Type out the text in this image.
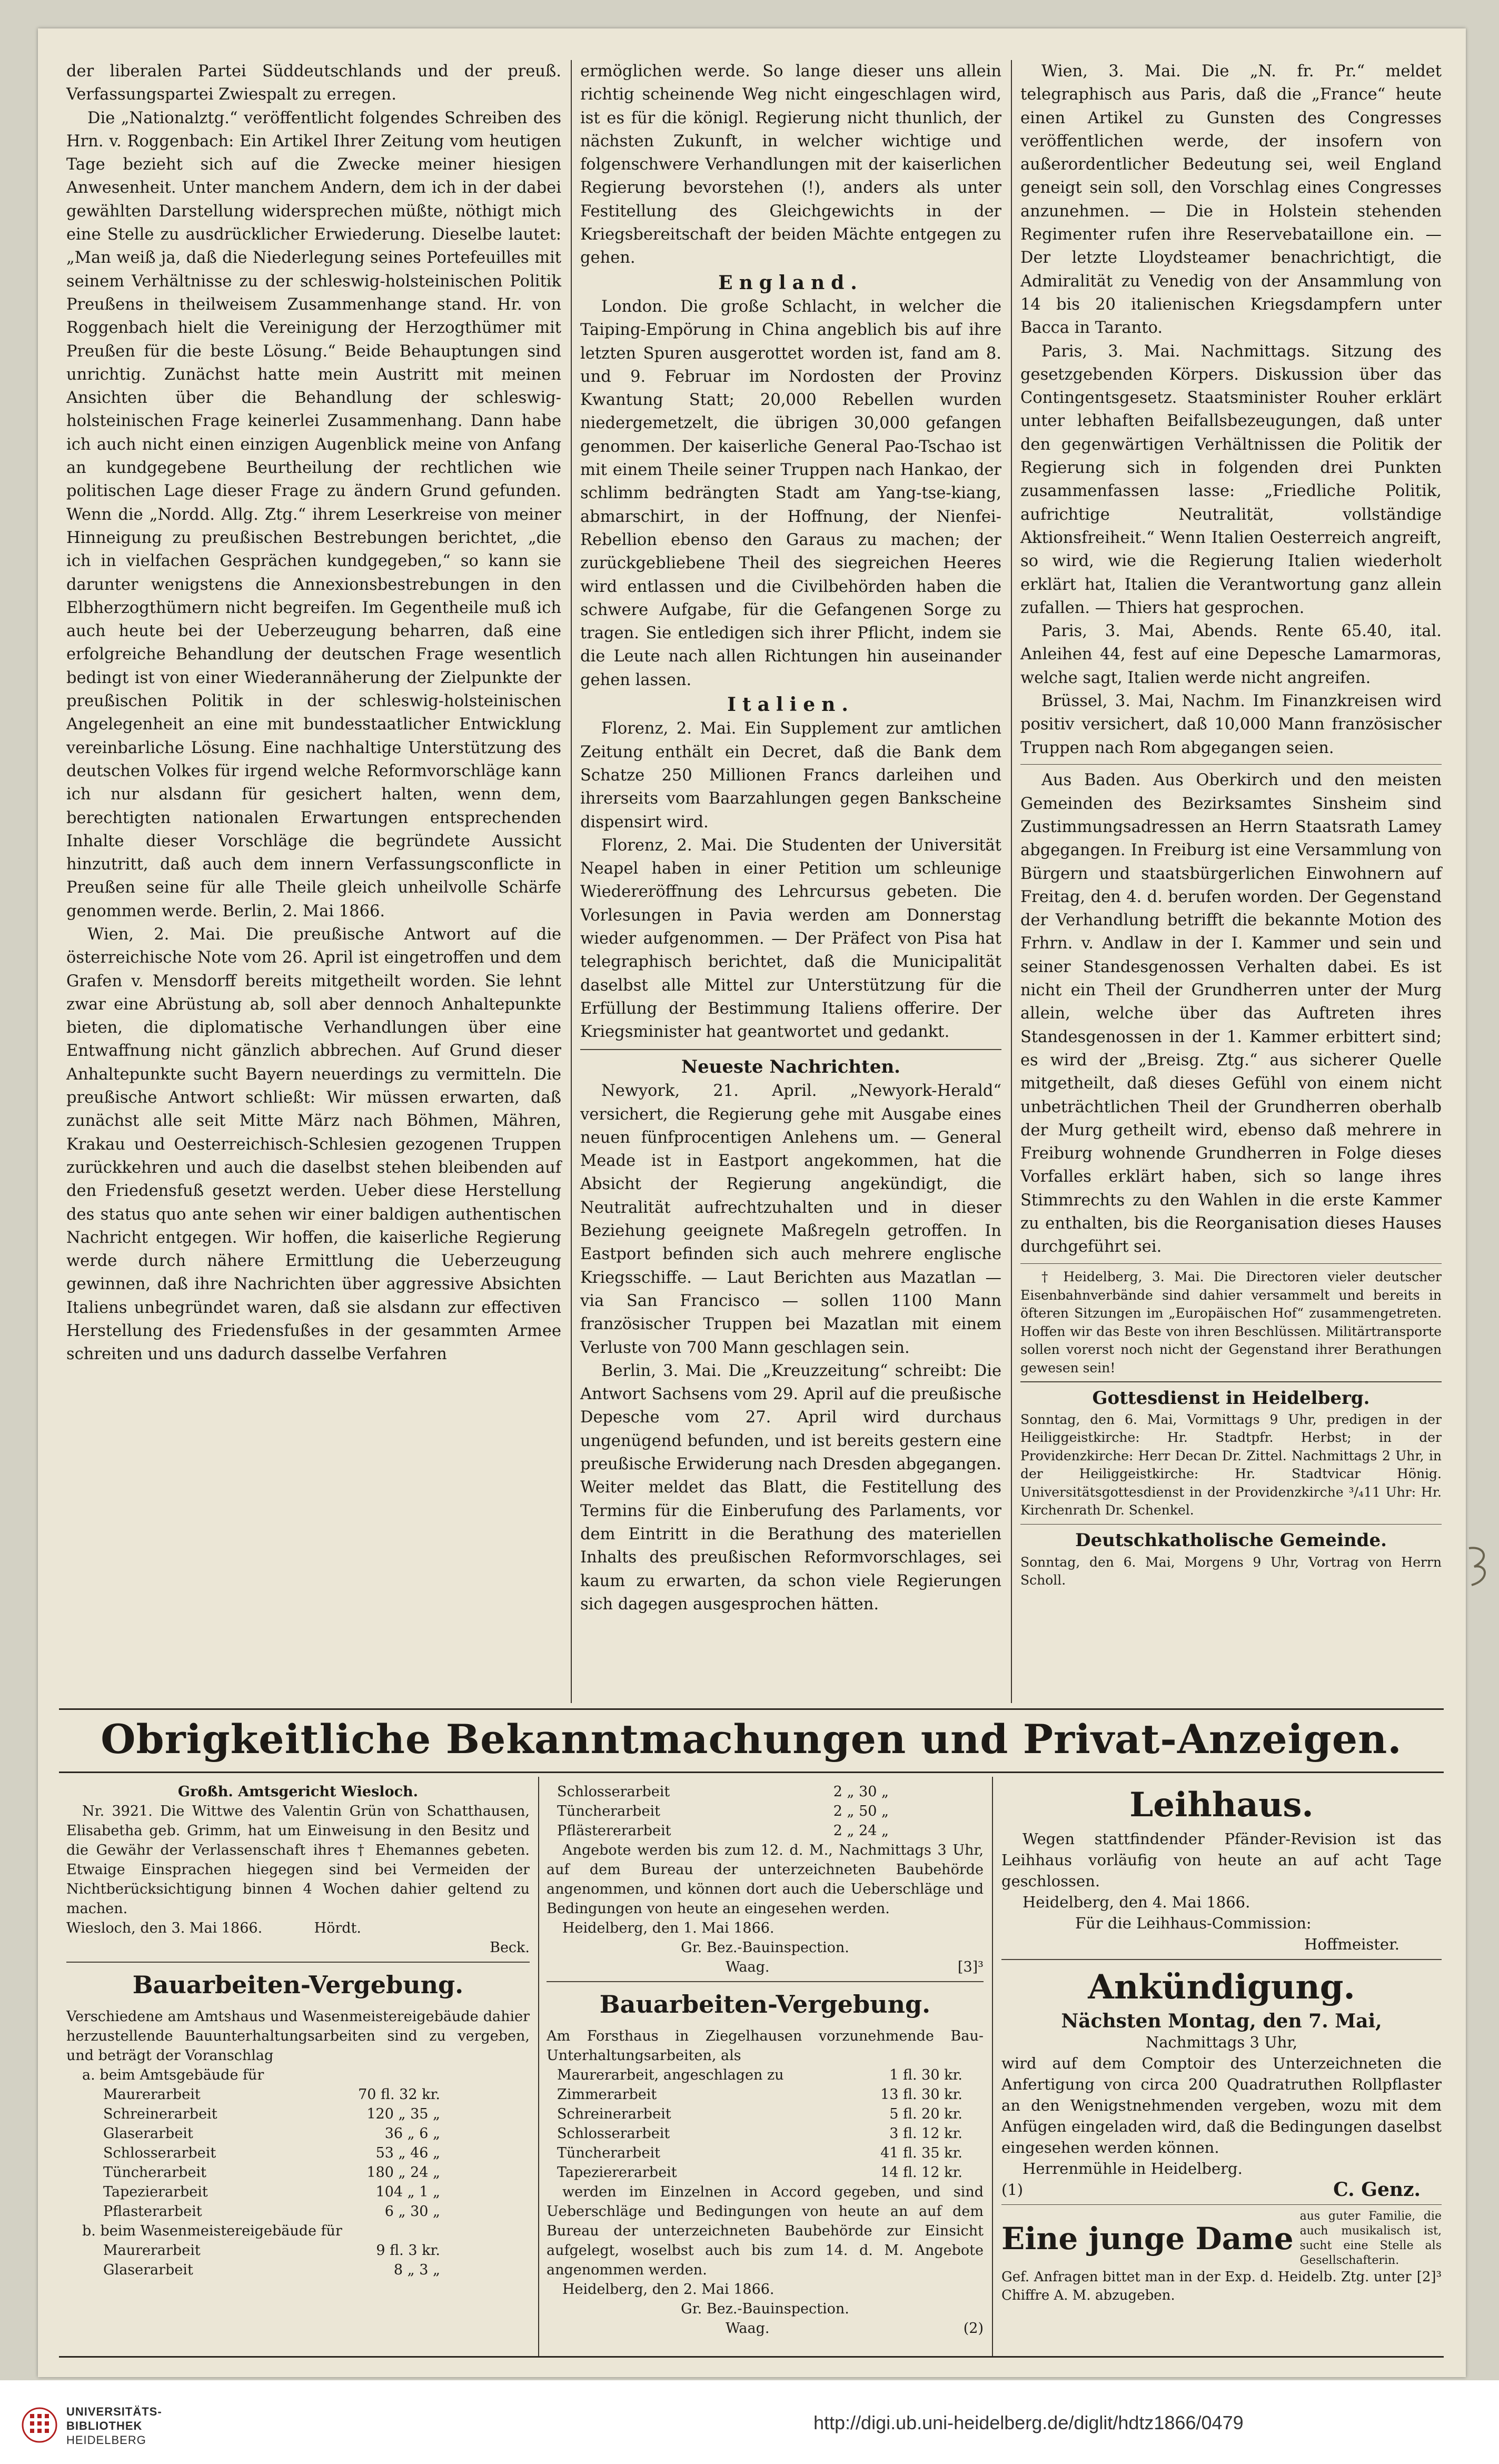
der liberalen Partei Süddeutschlands und der preuß. Verfassungspartei Zwiespalt zu erregen.

Die „Nationalztg.“ veröffentlicht folgendes Schreiben des Hrn. v. Roggenbach: Ein Artikel Ihrer Zeitung vom heutigen Tage bezieht sich auf die Zwecke meiner hiesigen Anwesenheit. Unter manchem Andern, dem ich in der dabei gewählten Darstellung widersprechen müßte, nöthigt mich eine Stelle zu ausdrücklicher Erwiederung. Dieselbe lautet: „Man weiß ja, daß die Niederlegung seines Portefeuilles mit seinem Verhältnisse zu der schleswig-holsteinischen Politik Preußens in theilweisem Zusammenhange stand. Hr. von Roggenbach hielt die Vereinigung der Herzogthümer mit Preußen für die beste Lösung.“ Beide Behauptungen sind unrichtig. Zunächst hatte mein Austritt mit meinen Ansichten über die Behandlung der schleswig-holsteinischen Frage keinerlei Zusammenhang. Dann habe ich auch nicht einen einzigen Augenblick meine von Anfang an kundgegebene Beurtheilung der rechtlichen wie politischen Lage dieser Frage zu ändern Grund gefunden. Wenn die „Nordd. Allg. Ztg.“ ihrem Leserkreise von meiner Hinneigung zu preußischen Bestrebungen berichtet, „die ich in vielfachen Gesprächen kundgegeben,“ so kann sie darunter wenigstens die Annexionsbestrebungen in den Elbherzogthümern nicht begreifen. Im Gegentheile muß ich auch heute bei der Ueberzeugung beharren, daß eine erfolgreiche Behandlung der deutschen Frage wesentlich bedingt ist von einer Wiederannäherung der Zielpunkte der preußischen Politik in der schleswig-holsteinischen Angelegenheit an eine mit bundesstaatlicher Entwicklung vereinbarliche Lösung. Eine nachhaltige Unterstützung des deutschen Volkes für irgend welche Reformvorschläge kann ich nur alsdann für gesichert halten, wenn dem, berechtigten nationalen Erwartungen entsprechenden Inhalte dieser Vorschläge die begründete Aussicht hinzutritt, daß auch dem innern Verfassungsconflicte in Preußen seine für alle Theile gleich unheilvolle Schärfe genommen werde. Berlin, 2. Mai 1866.

Wien, 2. Mai. Die preußische Antwort auf die österreichische Note vom 26. April ist eingetroffen und dem Grafen v. Mensdorff bereits mitgetheilt worden. Sie lehnt zwar eine Abrüstung ab, soll aber dennoch Anhaltepunkte bieten, die diplomatische Verhandlungen über eine Entwaffnung nicht gänzlich abbrechen. Auf Grund dieser Anhaltepunkte sucht Bayern neuerdings zu vermitteln. Die preußische Antwort schließt: Wir müssen erwarten, daß zunächst alle seit Mitte März nach Böhmen, Mähren, Krakau und Oesterreichisch-Schlesien gezogenen Truppen zurückkehren und auch die daselbst stehen bleibenden auf den Friedensfuß gesetzt werden. Ueber diese Herstellung des status quo ante sehen wir einer baldigen authentischen Nachricht entgegen. Wir hoffen, die kaiserliche Regierung werde durch nähere Ermittlung die Ueberzeugung gewinnen, daß ihre Nachrichten über aggressive Absichten Italiens unbegründet waren, daß sie alsdann zur effectiven Herstellung des Friedensfußes in der gesammten Armee schreiten und uns dadurch dasselbe Verfahren

ermöglichen werde. So lange dieser uns allein richtig scheinende Weg nicht eingeschlagen wird, ist es für die königl. Regierung nicht thunlich, der nächsten Zukunft, in welcher wichtige und folgenschwere Verhandlungen mit der kaiserlichen Regierung bevorstehen (!), anders als unter Festitellung des Gleichgewichts in der Kriegsbereitschaft der beiden Mächte entgegen zu gehen.

England.

London. Die große Schlacht, in welcher die Taiping-Empörung in China angeblich bis auf ihre letzten Spuren ausgerottet worden ist, fand am 8. und 9. Februar im Nordosten der Provinz Kwantung Statt; 20,000 Rebellen wurden niedergemetzelt, die übrigen 30,000 gefangen genommen. Der kaiserliche General Pao-Tschao ist mit einem Theile seiner Truppen nach Hankao, der schlimm bedrängten Stadt am Yang-tse-kiang, abmarschirt, in der Hoffnung, der Nienfei-Rebellion ebenso den Garaus zu machen; der zurückgebliebene Theil des siegreichen Heeres wird entlassen und die Civilbehörden haben die schwere Aufgabe, für die Gefangenen Sorge zu tragen. Sie entledigen sich ihrer Pflicht, indem sie die Leute nach allen Richtungen hin auseinander gehen lassen.

Italien.

Florenz, 2. Mai. Ein Supplement zur amtlichen Zeitung enthält ein Decret, daß die Bank dem Schatze 250 Millionen Francs darleihen und ihrerseits vom Baarzahlungen gegen Bankscheine dispensirt wird.

Florenz, 2. Mai. Die Studenten der Universität Neapel haben in einer Petition um schleunige Wiedereröffnung des Lehrcursus gebeten. Die Vorlesungen in Pavia werden am Donnerstag wieder aufgenommen. — Der Präfect von Pisa hat telegraphisch berichtet, daß die Municipalität daselbst alle Mittel zur Unterstützung für die Erfüllung der Bestimmung Italiens offerire. Der Kriegsminister hat geantwortet und gedankt.

Neueste Nachrichten.

Newyork, 21. April. „Newyork-Herald“ versichert, die Regierung gehe mit Ausgabe eines neuen fünfprocentigen Anlehens um. — General Meade ist in Eastport angekommen, hat die Absicht der Regierung angekündigt, die Neutralität aufrechtzuhalten und in dieser Beziehung geeignete Maßregeln getroffen. In Eastport befinden sich auch mehrere englische Kriegsschiffe. — Laut Berichten aus Mazatlan — via San Francisco — sollen 1100 Mann französischer Truppen bei Mazatlan mit einem Verluste von 700 Mann geschlagen sein.

Berlin, 3. Mai. Die „Kreuzzeitung“ schreibt: Die Antwort Sachsens vom 29. April auf die preußische Depesche vom 27. April wird durchaus ungenügend befunden, und ist bereits gestern eine preußische Erwiderung nach Dresden abgegangen. Weiter meldet das Blatt, die Festitellung des Termins für die Einberufung des Parlaments, vor dem Eintritt in die Berathung des materiellen Inhalts des preußischen Reformvorschlages, sei kaum zu erwarten, da schon viele Regierungen sich dagegen ausgesprochen hätten.

Wien, 3. Mai. Die „N. fr. Pr.“ meldet telegraphisch aus Paris, daß die „France“ heute einen Artikel zu Gunsten des Congresses veröffentlichen werde, der insofern von außerordentlicher Bedeutung sei, weil England geneigt sein soll, den Vorschlag eines Congresses anzunehmen. — Die in Holstein stehenden Regimenter rufen ihre Reservebataillone ein. — Der letzte Lloydsteamer benachrichtigt, die Admiralität zu Venedig von der Ansammlung von 14 bis 20 italienischen Kriegsdampfern unter Bacca in Taranto.

Paris, 3. Mai. Nachmittags. Sitzung des gesetzgebenden Körpers. Diskussion über das Contingentsgesetz. Staatsminister Rouher erklärt unter lebhaften Beifallsbezeugungen, daß unter den gegenwärtigen Verhältnissen die Politik der Regierung sich in folgenden drei Punkten zusammenfassen lasse: „Friedliche Politik, aufrichtige Neutralität, vollständige Aktionsfreiheit.“ Wenn Italien Oesterreich angreift, so wird, wie die Regierung Italien wiederholt erklärt hat, Italien die Verantwortung ganz allein zufallen. — Thiers hat gesprochen.

Paris, 3. Mai, Abends. Rente 65.40, ital. Anleihen 44, fest auf eine Depesche Lamarmoras, welche sagt, Italien werde nicht angreifen.

Brüssel, 3. Mai, Nachm. Im Finanzkreisen wird positiv versichert, daß 10,000 Mann französischer Truppen nach Rom abgegangen seien.

Aus Baden. Aus Oberkirch und den meisten Gemeinden des Bezirksamtes Sinsheim sind Zustimmungsadressen an Herrn Staatsrath Lamey abgegangen. In Freiburg ist eine Versammlung von Bürgern und staatsbürgerlichen Einwohnern auf Freitag, den 4. d. berufen worden. Der Gegenstand der Verhandlung betrifft die bekannte Motion des Frhrn. v. Andlaw in der I. Kammer und sein und seiner Standesgenossen Verhalten dabei. Es ist nicht ein Theil der Grundherren unter der Murg allein, welche über das Auftreten ihres Standesgenossen in der 1. Kammer erbittert sind; es wird der „Breisg. Ztg.“ aus sicherer Quelle mitgetheilt, daß dieses Gefühl von einem nicht unbeträchtlichen Theil der Grundherren oberhalb der Murg getheilt wird, ebenso daß mehrere in Freiburg wohnende Grundherren in Folge dieses Vorfalles erklärt haben, sich so lange ihres Stimmrechts zu den Wahlen in die erste Kammer zu enthalten, bis die Reorganisation dieses Hauses durchgeführt sei.

† Heidelberg, 3. Mai. Die Directoren vieler deutscher Eisenbahnverbände sind dahier versammelt und bereits in öfteren Sitzungen im „Europäischen Hof“ zusammengetreten. Hoffen wir das Beste von ihren Beschlüssen. Militärtransporte sollen vorerst noch nicht der Gegenstand ihrer Berathungen gewesen sein!

Gottesdienst in Heidelberg.

Sonntag, den 6. Mai, Vormittags 9 Uhr, predigen in der Heiliggeistkirche: Hr. Stadtpfr. Herbst; in der Providenzkirche: Herr Decan Dr. Zittel. Nachmittags 2 Uhr, in der Heiliggeistkirche: Hr. Stadtvicar Hönig. Universitätsgottesdienst in der Providenzkirche ³/₄11 Uhr: Hr. Kirchenrath Dr. Schenkel.

Deutschkatholische Gemeinde.

Sonntag, den 6. Mai, Morgens 9 Uhr, Vortrag von Herrn Scholl.

Obrigkeitliche Bekanntmachungen und Privat-Anzeigen.
Großh. Amtsgericht Wiesloch.

Nr. 3921. Die Wittwe des Valentin Grün von Schatthausen, Elisabetha geb. Grimm, hat um Einweisung in den Besitz und die Gewähr der Verlassenschaft ihres † Ehemannes gebeten. Etwaige Einsprachen hiegegen sind bei Vermeiden der Nichtberücksichtigung binnen 4 Wochen dahier geltend zu machen.

Wiesloch, den 3. Mai 1866.	Hördt.
Beck.
Bauarbeiten-Vergebung.

Verschiedene am Amtshaus und Wasenmeistereigebäude dahier herzustellende Bauunterhaltungsarbeiten sind zu vergeben, und beträgt der Voranschlag

a. beim Amtsgebäude für
Maurerarbeit	70 fl. 32 kr.
Schreinerarbeit	120 „ 35 „
Glaserarbeit	36 „ 6 „
Schlosserarbeit	53 „ 46 „
Tüncherarbeit	180 „ 24 „
Tapezierarbeit	104 „ 1 „
Pflasterarbeit	6 „ 30 „
b. beim Wasenmeistereigebäude für
Maurerarbeit	9 fl. 3 kr.
Glaserarbeit	8 „ 3 „
Schlosserarbeit	2 „ 30 „
Tüncherarbeit	2 „ 50 „
Pflästererarbeit	2 „ 24 „

Angebote werden bis zum 12. d. M., Nachmittags 3 Uhr, auf dem Bureau der unterzeichneten Baubehörde angenommen, und können dort auch die Ueberschläge und Bedingungen von heute an eingesehen werden.

Heidelberg, den 1. Mai 1866.
Gr. Bez.-Bauinspection.
Waag.	[3]³
Bauarbeiten-Vergebung.

Am Forsthaus in Ziegelhausen vorzunehmende Bau-Unterhaltungsarbeiten, als

Maurerarbeit, angeschlagen zu	1 fl. 30 kr.
Zimmerarbeit	13 fl. 30 kr.
Schreinerarbeit	5 fl. 20 kr.
Schlosserarbeit	3 fl. 12 kr.
Tüncherarbeit	41 fl. 35 kr.
Tapeziererarbeit	14 fl. 12 kr.

werden im Einzelnen in Accord gegeben, und sind Ueberschläge und Bedingungen von heute an auf dem Bureau der unterzeichneten Baubehörde zur Einsicht aufgelegt, woselbst auch bis zum 14. d. M. Angebote angenommen werden.

Heidelberg, den 2. Mai 1866.
Gr. Bez.-Bauinspection.
Waag.	(2)
Leihhaus.

Wegen stattfindender Pfänder-Revision ist das Leihhaus vorläufig von heute an auf acht Tage geschlossen.

Heidelberg, den 4. Mai 1866.
Für die Leihhaus-Commission:
Hoffmeister.
Ankündigung.
Nächsten Montag, den 7. Mai,
Nachmittags 3 Uhr,

wird auf dem Comptoir des Unterzeichneten die Anfertigung von circa 200 Quadratruthen Rollpflaster an den Wenigstnehmenden vergeben, wozu mit dem Anfügen eingeladen wird, daß die Bedingungen daselbst eingesehen werden können.

Herrenmühle in Heidelberg.
(1)	C. Genz.
Eine junge Dame
aus guter Familie, die auch musikalisch ist, sucht eine Stelle als Gesellschafterin.
Gef. Anfragen bittet man in der Exp. d. Heidelb. Ztg. unter Chiffre A. M. abzugeben.
[2]³
UNIVERSITÄTS-
BIBLIOTHEK
HEIDELBERG
http://digi.ub.uni-heidelberg.de/diglit/hdtz1866/0479
